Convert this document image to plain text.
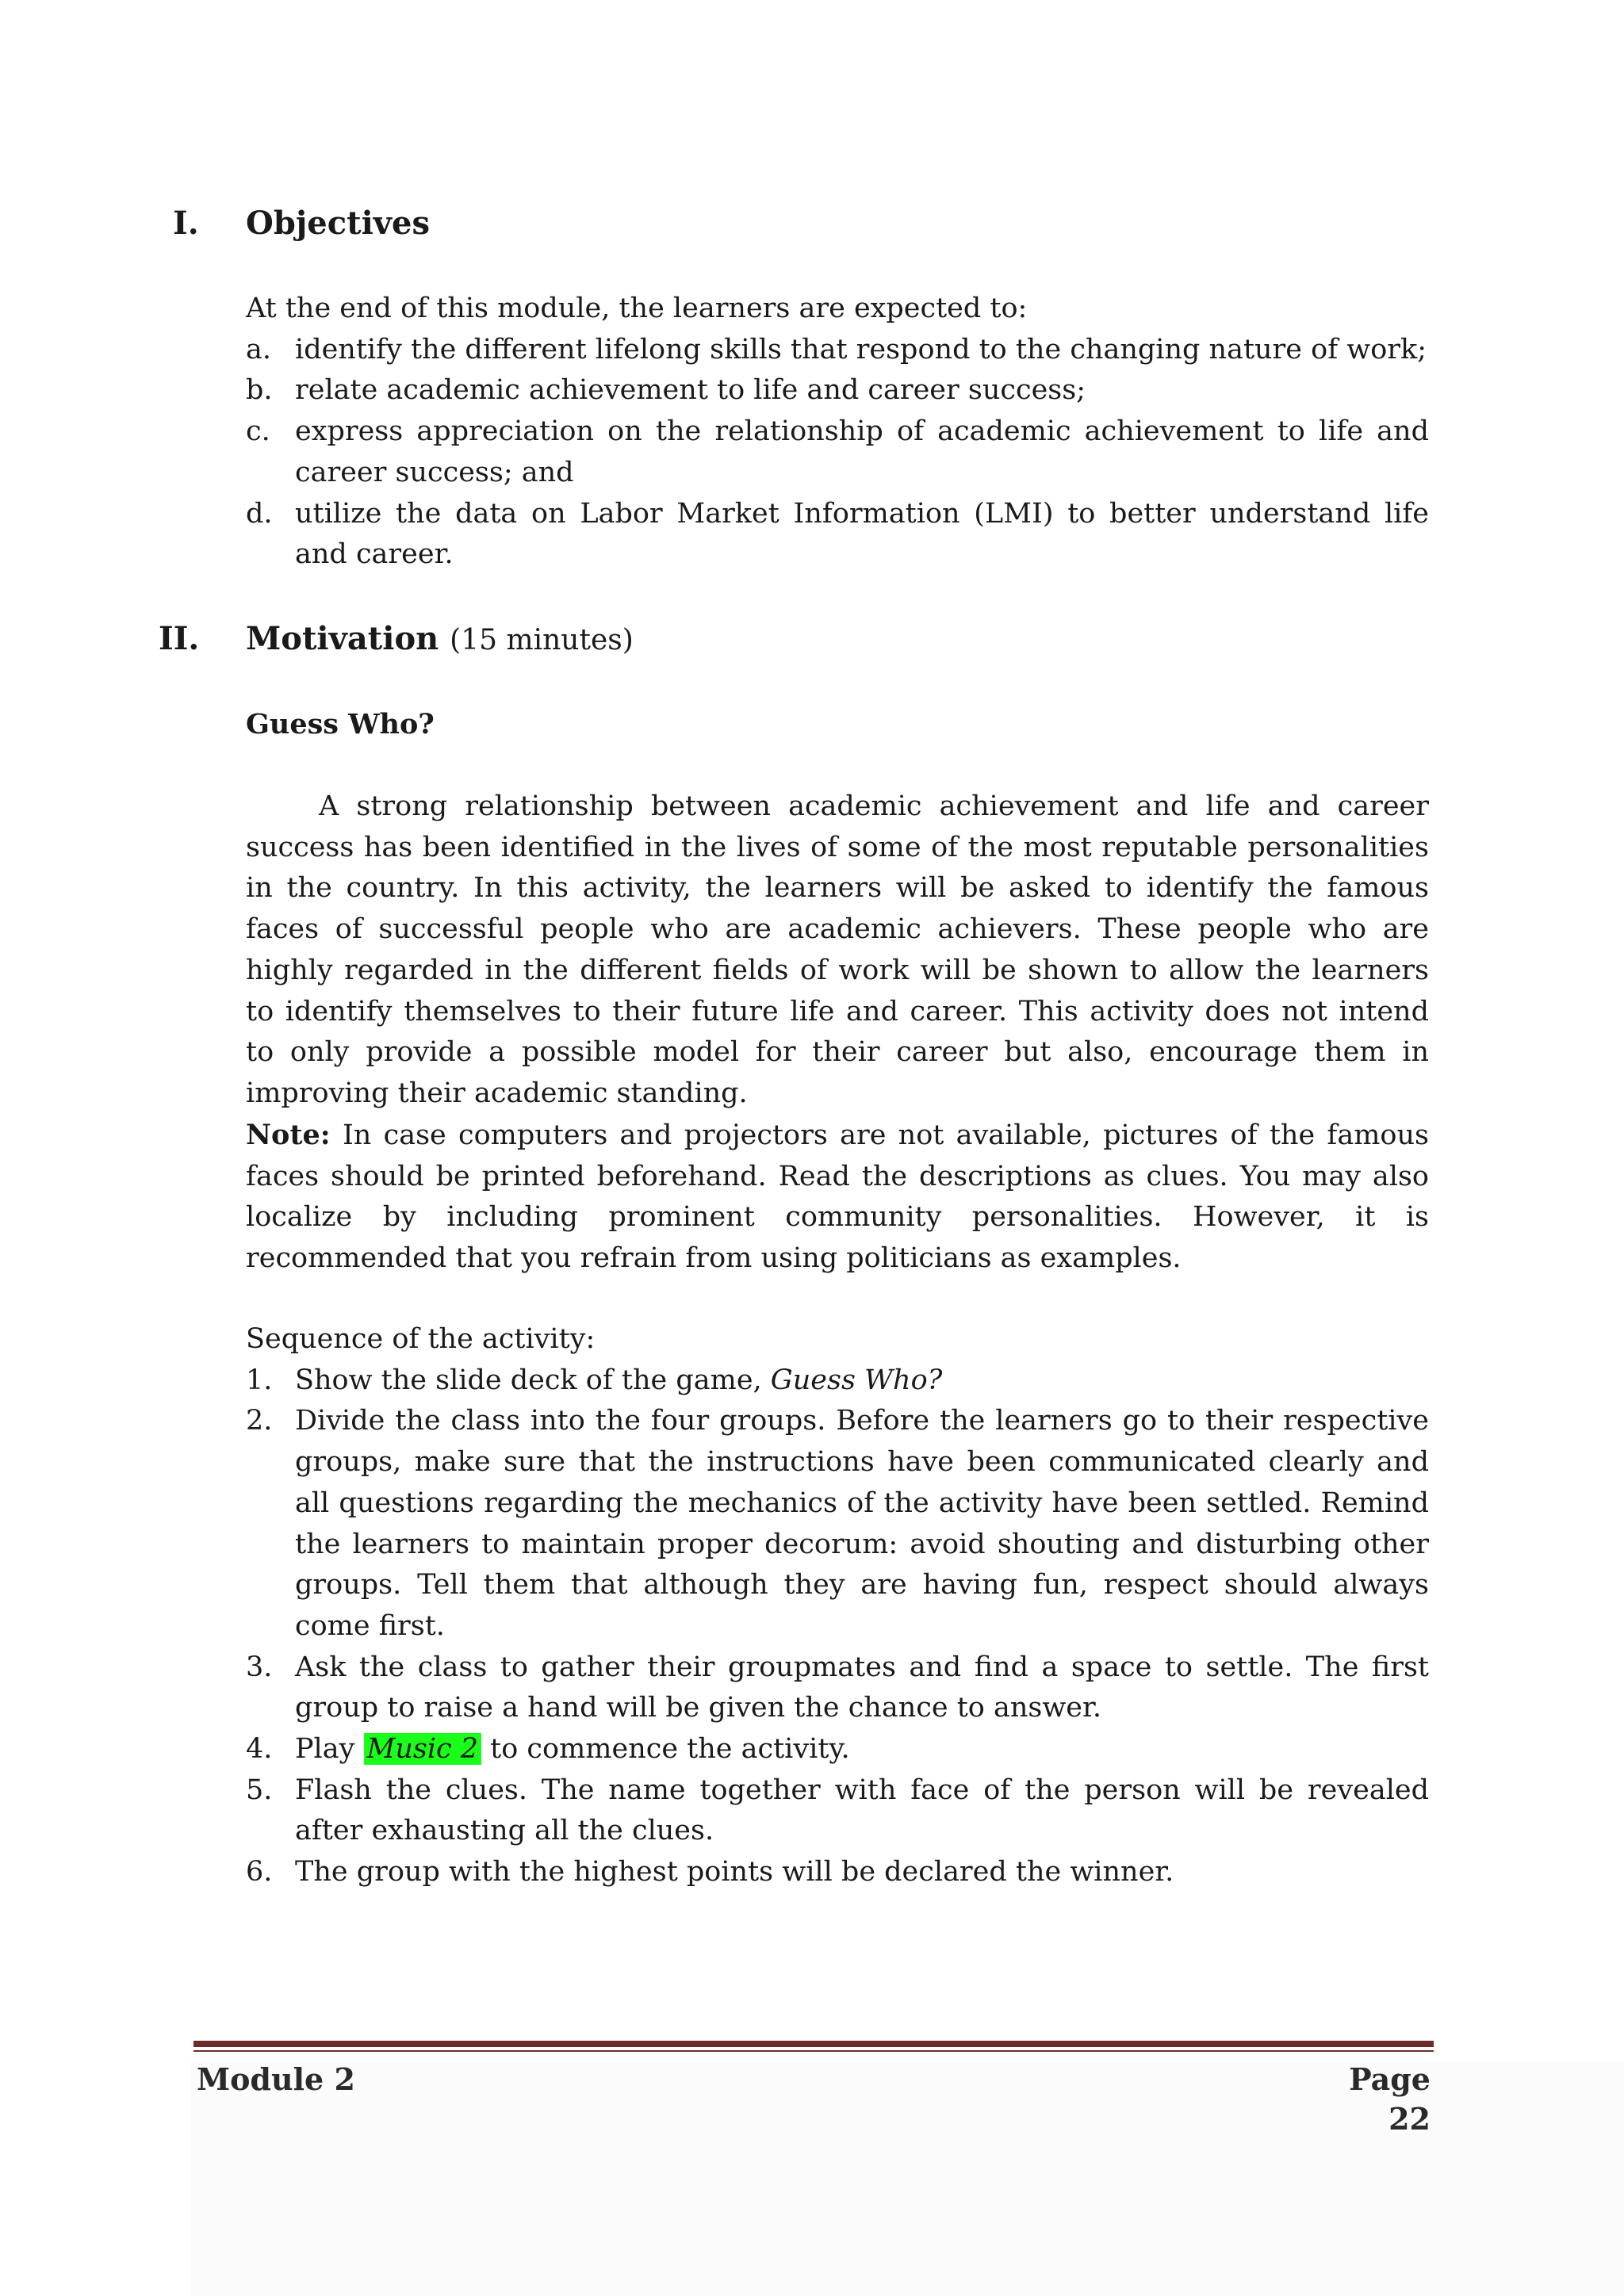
I.	Objectives

At the end of this module, the learners are expected to:

a. identify the different lifelong skills that respond to the changing nature of work;
b. relate academic achievement to life and career success;
c. express appreciation on the relationship of academic achievement to life and career success; and
d. utilize the data on Labor Market Information (LMI) to better understand life and career.
II.	Motivation (15 minutes)
Guess Who?

A strong relationship between academic achievement and life and career success has been identified in the lives of some of the most reputable personalities in the country. In this activity, the learners will be asked to identify the famous faces of successful people who are academic achievers. These people who are highly regarded in the different fields of work will be shown to allow the learners to identify themselves to their future life and career. This activity does not intend to only provide a possible model for their career but also, encourage them in improving their academic standing.

Note: In case computers and projectors are not available, pictures of the famous faces should be printed beforehand. Read the descriptions as clues. You may also localize by including prominent community personalities. However, it is recommended that you refrain from using politicians as examples.

Sequence of the activity:

1. Show the slide deck of the game, Guess Who?
2. Divide the class into the four groups. Before the learners go to their respective groups, make sure that the instructions have been communicated clearly and all questions regarding the mechanics of the activity have been settled. Remind the learners to maintain proper decorum: avoid shouting and disturbing other groups. Tell them that although they are having fun, respect should always come first.
3. Ask the class to gather their groupmates and find a space to settle. The first group to raise a hand will be given the chance to answer.
4. Play Music 2 to commence the activity.
5. Flash the clues. The name together with face of the person will be revealed after exhausting all the clues.
6. The group with the highest points will be declared the winner.
Module 2	Page 22
